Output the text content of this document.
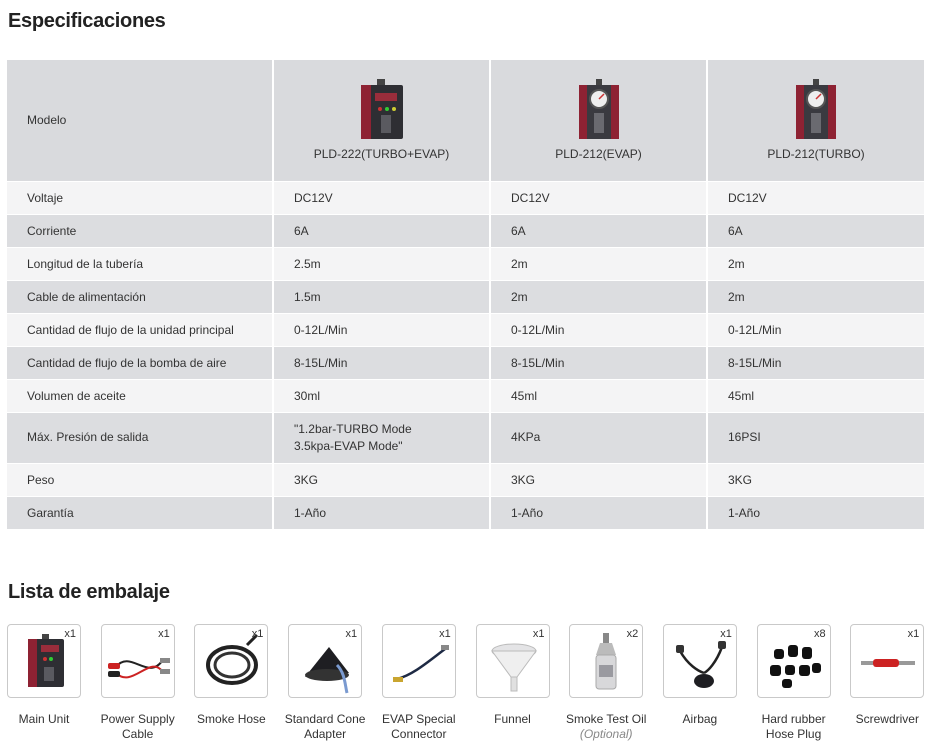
Especificaciones
Modelo	PLD-222(TURBO+EVAP)	PLD-212(EVAP)	PLD-212(TURBO)

Voltaje	DC12V	DC12V	DC12V
Corriente	6A	6A	6A
Longitud de la tubería	2.5m	2m	2m
Cable de alimentación	1.5m	2m	2m
Cantidad de flujo de la unidad principal	0-12L/Min	0-12L/Min	0-12L/Min
Cantidad de flujo de la bomba de aire	8-15L/Min	8-15L/Min	8-15L/Min
Volumen de aceite	30ml	45ml	45ml
Máx. Presión de salida	"1.2bar-TURBO Mode
3.5kpa-EVAP Mode"	4KPa	16PSI
Peso	3KG	3KG	3KG
Garantía	1-Año	1-Año	1-Año
Lista de embalaje
x1
Main Unit
x1
Power Supply Cable
x1
Smoke Hose
x1
Standard Cone Adapter
x1
EVAP Special Connector
x1
Funnel
x2
Smoke Test Oil
(Optional)
x1
Airbag
x8
Hard rubber Hose Plug
x1
Screwdriver
